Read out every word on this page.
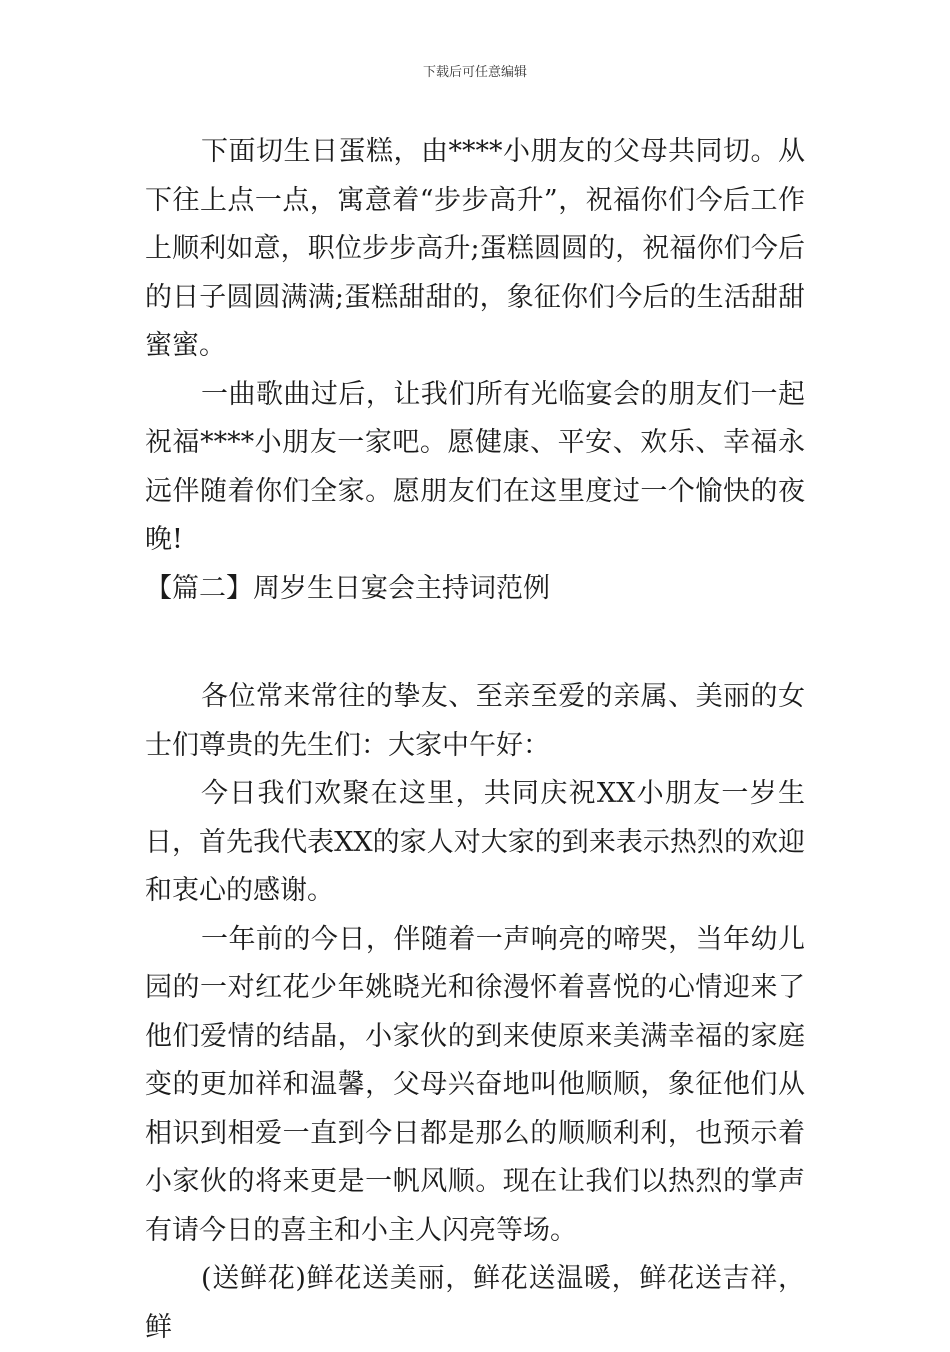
下载后可任意编辑

下面切生日蛋糕，由****小朋友的父母共同切。从下往上点一点，寓意着“步步高升”，祝福你们今后工作上顺利如意，职位步步高升;蛋糕圆圆的，祝福你们今后的日子圆圆满满;蛋糕甜甜的，象征你们今后的生活甜甜蜜蜜。

一曲歌曲过后，让我们所有光临宴会的朋友们一起祝福****小朋友一家吧。愿健康、平安、欢乐、幸福永远伴随着你们全家。愿朋友们在这里度过一个愉快的夜晚!

【篇二】周岁生日宴会主持词范例

各位常来常往的挚友、至亲至爱的亲属、美丽的女士们尊贵的先生们：大家中午好：

今日我们欢聚在这里，共同庆祝XX小朋友一岁生日，首先我代表XX的家人对大家的到来表示热烈的欢迎和衷心的感谢。

一年前的今日，伴随着一声响亮的啼哭，当年幼儿园的一对红花少年姚晓光和徐漫怀着喜悦的心情迎来了他们爱情的结晶，小家伙的到来使原来美满幸福的家庭变的更加祥和温馨，父母兴奋地叫他顺顺，象征他们从相识到相爱一直到今日都是那么的顺顺利利，也预示着小家伙的将来更是一帆风顺。现在让我们以热烈的掌声有请今日的喜主和小主人闪亮等场。

(送鲜花)鲜花送美丽，鲜花送温暖，鲜花送吉祥，鲜
